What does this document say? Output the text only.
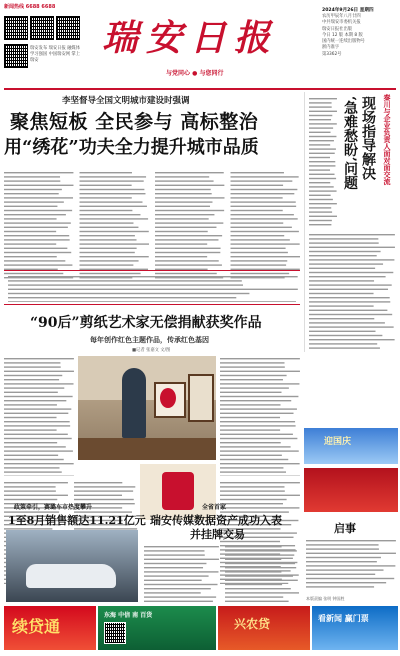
新闻热线 6688 6688
瑞安发布 瑞安日报 融媒体
学习强国 中国瑞安网 掌上瑞安
瑞安日报
与党同心 ● 与您同行
2024年9月26日 星期四
农历甲辰年八月廿四
中共瑞安市委机关报
瑞安日报社出版
今日 12 版 本期 8 版
国内统一连续出版物号
浙内准字
第3362号
李坚督导全国文明城市建设时强调
聚焦短板 全民参与 高标整治
用“绣花”功夫全力提升城市品质	秦川与企业负责人面对面交流
现场指导解决
‘急难愁盼’问题
“90后”剪纸艺术家无偿捐献获奖作品
每年创作红色主题作品，传承红色基因
■记者 张嘉文 文/图
迎国庆
启事
政策牵引，赛璐车市热度攀升
1至8月销售额达11.21亿元
全省首家
瑞安传媒数据资产成功入表
并挂牌交易
续贷通
东海 中信 南 百货
兴农贷	看新闻 赢门票
本版责编 张明 钟国胜
